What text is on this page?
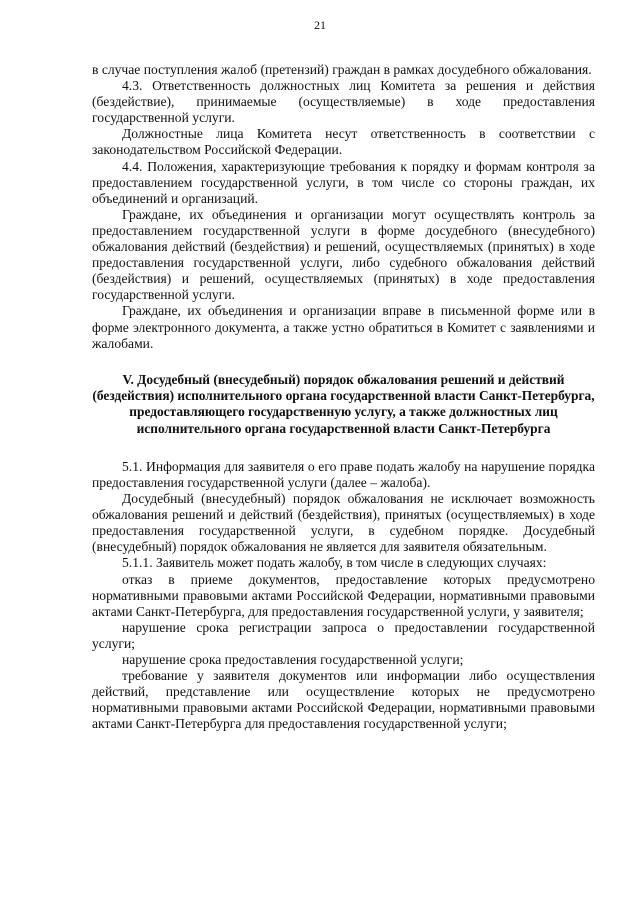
21

в случае поступления жалоб (претензий) граждан в рамках досудебного обжалования.

4.3. Ответственность должностных лиц Комитета за решения и действия (бездействие), принимаемые (осуществляемые) в ходе предоставления государственной услуги.

Должностные лица Комитета несут ответственность в соответствии с законодательством Российской Федерации.

4.4. Положения, характеризующие требования к порядку и формам контроля за предоставлением государственной услуги, в том числе со стороны граждан, их объединений и организаций.

Граждане, их объединения и организации могут осуществлять контроль за предоставлением государственной услуги в форме досудебного (внесудебного) обжалования действий (бездействия) и решений, осуществляемых (принятых) в ходе предоставления государственной услуги, либо судебного обжалования действий (бездействия) и решений, осуществляемых (принятых) в ходе предоставления государственной услуги.

Граждане, их объединения и организации вправе в письменной форме или в форме электронного документа, а также устно обратиться в Комитет с заявлениями и жалобами.

V. Досудебный (внесудебный) порядок обжалования решений и действий (бездействия) исполнительного органа государственной власти Санкт-Петербурга, предоставляющего государственную услугу, а также должностных лиц исполнительного органа государственной власти Санкт-Петербурга

5.1. Информация для заявителя о его праве подать жалобу на нарушение порядка предоставления государственной услуги (далее – жалоба).

Досудебный (внесудебный) порядок обжалования не исключает возможность обжалования решений и действий (бездействия), принятых (осуществляемых) в ходе предоставления государственной услуги, в судебном порядке. Досудебный (внесудебный) порядок обжалования не является для заявителя обязательным.

5.1.1. Заявитель может подать жалобу, в том числе в следующих случаях:

отказ в приеме документов, предоставление которых предусмотрено нормативными правовыми актами Российской Федерации, нормативными правовыми актами Санкт-Петербурга, для предоставления государственной услуги, у заявителя;

нарушение срока регистрации запроса о предоставлении государственной услуги;

нарушение срока предоставления государственной услуги;

требование у заявителя документов или информации либо осуществления действий, представление или осуществление которых не предусмотрено нормативными правовыми актами Российской Федерации, нормативными правовыми актами Санкт-Петербурга для предоставления государственной услуги;
